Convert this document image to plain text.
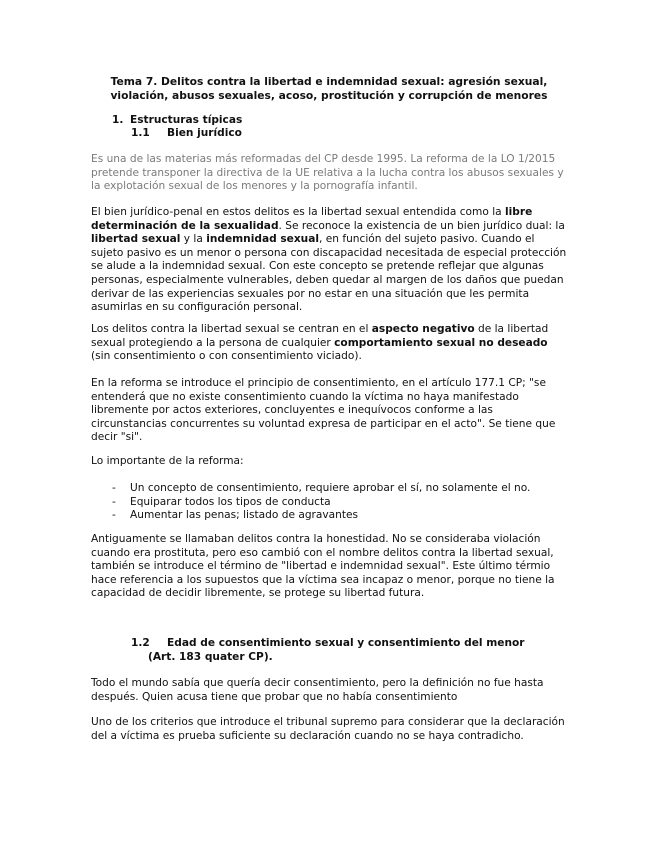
Tema 7. Delitos contra la libertad e indemnidad sexual: agresión sexual, violación, abusos sexuales, acoso, prostitución y corrupción de menores
1. Estructuras típicas
1.1 Bien jurídico

Es una de las materias más reformadas del CP desde 1995. La reforma de la LO 1/2015 pretende transponer la directiva de la UE relativa a la lucha contra los abusos sexuales y la explotación sexual de los menores y la pornografía infantil.

El bien jurídico-penal en estos delitos es la libertad sexual entendida como la libre determinación de la sexualidad. Se reconoce la existencia de un bien jurídico dual: la libertad sexual y la indemnidad sexual, en función del sujeto pasivo. Cuando el sujeto pasivo es un menor o persona con discapacidad necesitada de especial protección se alude a la indemnidad sexual. Con este concepto se pretende reflejar que algunas personas, especialmente vulnerables, deben quedar al margen de los daños que puedan derivar de las experiencias sexuales por no estar en una situación que les permita asumirlas en su configuración personal.

Los delitos contra la libertad sexual se centran en el aspecto negativo de la libertad sexual protegiendo a la persona de cualquier comportamiento sexual no deseado (sin consentimiento o con consentimiento viciado).

En la reforma se introduce el principio de consentimiento, en el artículo 177.1 CP; "se entenderá que no existe consentimiento cuando la víctima no haya manifestado libremente por actos exteriores, concluyentes e inequívocos conforme a las circunstancias concurrentes su voluntad expresa de participar en el acto". Se tiene que decir "si".

Lo importante de la reforma:

- Un concepto de consentimiento, requiere aprobar el sí, no solamente el no.
- Equiparar todos los tipos de conducta
- Aumentar las penas; listado de agravantes

Antiguamente se llamaban delitos contra la honestidad. No se consideraba violación cuando era prostituta, pero eso cambió con el nombre delitos contra la libertad sexual, también se introduce el término de "libertad e indemnidad sexual". Este último térmio hace referencia a los supuestos que la víctima sea incapaz o menor, porque no tiene la capacidad de decidir libremente, se protege su libertad futura.

1.2 Edad de consentimiento sexual y consentimiento del menor
(Art. 183 quater CP).

Todo el mundo sabía que quería decir consentimiento, pero la definición no fue hasta después. Quien acusa tiene que probar que no había consentimiento

Uno de los criterios que introduce el tribunal supremo para considerar que la declaración del a víctima es prueba suficiente su declaración cuando no se haya contradicho.
